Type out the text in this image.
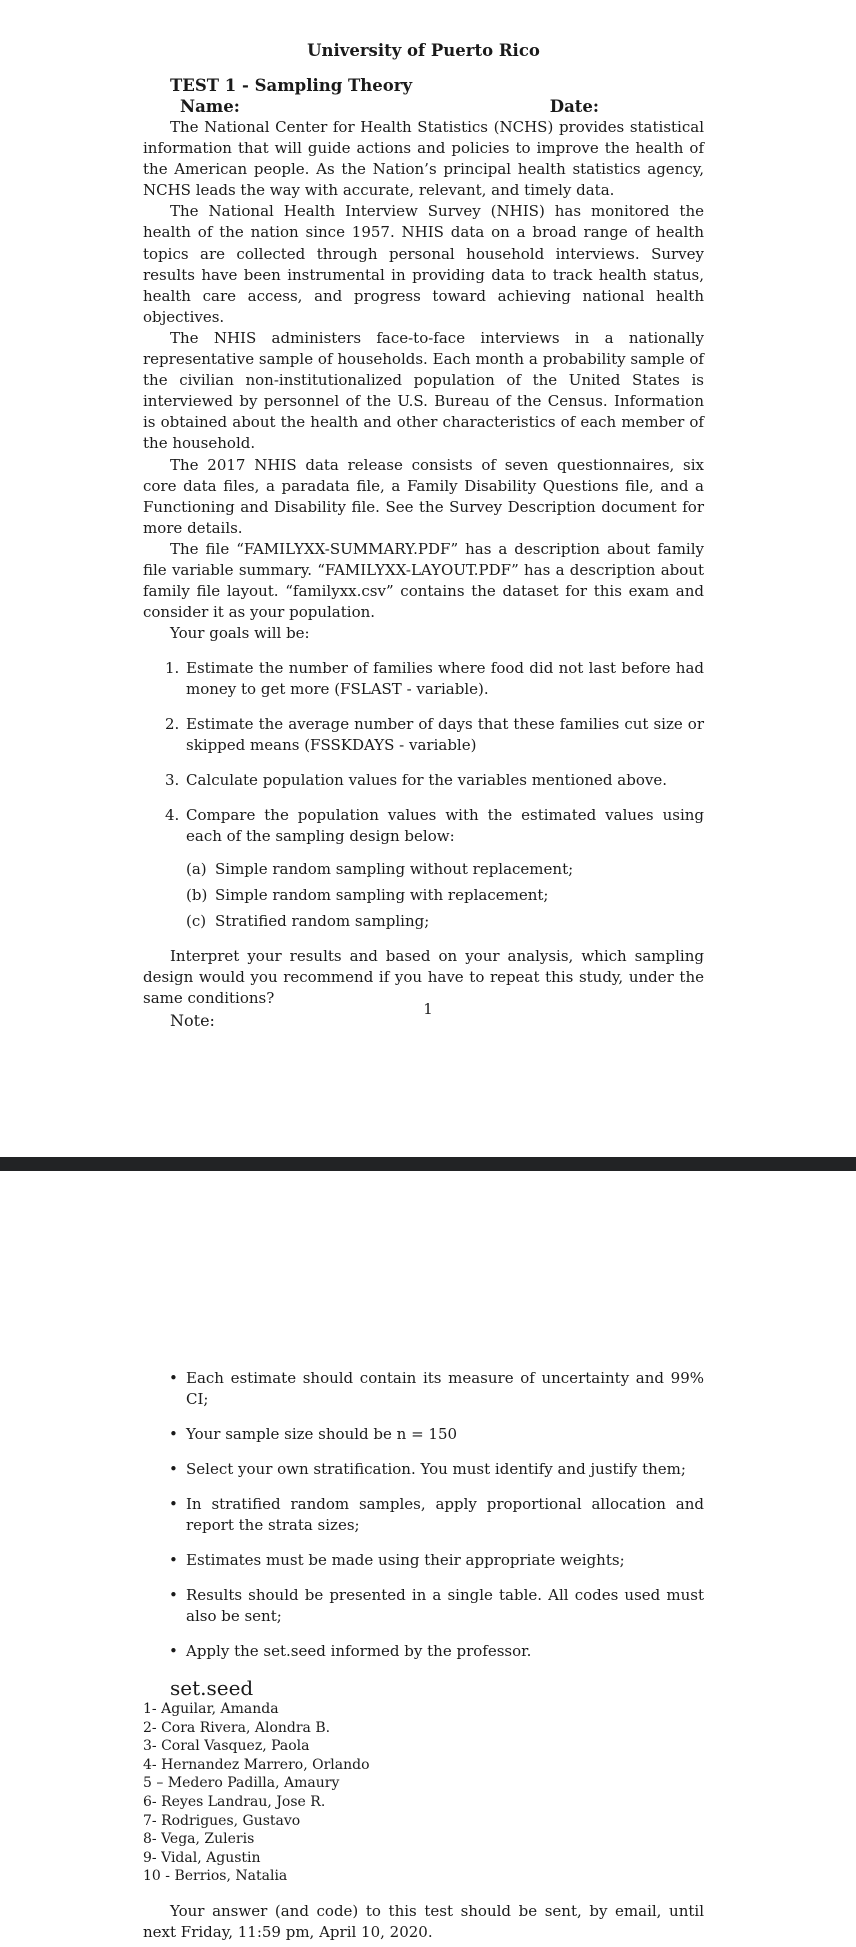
University of Puerto Rico
TEST 1 - Sampling Theory
Name:	Date:

The National Center for Health Statistics (NCHS) provides statistical information that will guide actions and policies to improve the health of the American people. As the Nation’s principal health statistics agency, NCHS leads the way with accurate, relevant, and timely data.

The National Health Interview Survey (NHIS) has monitored the health of the nation since 1957. NHIS data on a broad range of health topics are collected through personal household interviews. Survey results have been instrumental in providing data to track health status, health care access, and progress toward achieving national health objectives.

The NHIS administers face-to-face interviews in a nationally representative sample of households. Each month a probability sample of the civilian non-institutionalized population of the United States is interviewed by personnel of the U.S. Bureau of the Census. Information is obtained about the health and other characteristics of each member of the household.

The 2017 NHIS data release consists of seven questionnaires, six core data files, a paradata file, a Family Disability Questions file, and a Functioning and Disability file. See the Survey Description document for more details.

The file “FAMILYXX-SUMMARY.PDF” has a description about family file variable summary. “FAMILYXX-LAYOUT.PDF” has a description about family file layout. “familyxx.csv” contains the dataset for this exam and consider it as your population.

Your goals will be:
1. Estimate the number of families where food did not last before had money to get more (FSLAST - variable).
2. Estimate the average number of days that these families cut size or skipped means (FSSKDAYS - variable)
3. Calculate population values for the variables mentioned above.
4. Compare the population values with the estimated values using each of the sampling design below:
(a) Simple random sampling without replacement;
(b) Simple random sampling with replacement;
(c) Stratified random sampling;

Interpret your results and based on your analysis, which sampling design would you recommend if you have to repeat this study, under the same conditions?

Note:
1
• Each estimate should contain its measure of uncertainty and 99% CI;
• Your sample size should be n = 150
• Select your own stratification. You must identify and justify them;
• In stratified random samples, apply proportional allocation and report the strata sizes;
• Estimates must be made using their appropriate weights;
• Results should be presented in a single table. All codes used must also be sent;
• Apply the set.seed informed by the professor.
set.seed
1- Aguilar, Amanda
2- Cora Rivera, Alondra B.
3- Coral Vasquez, Paola
4- Hernandez Marrero, Orlando
5 – Medero Padilla, Amaury
6- Reyes Landrau, Jose R.
7- Rodrigues, Gustavo
8- Vega, Zuleris
9- Vidal, Agustin
10 - Berrios, Natalia

Your answer (and code) to this test should be sent, by email, until next Friday, 11:59 pm, April 10, 2020.
